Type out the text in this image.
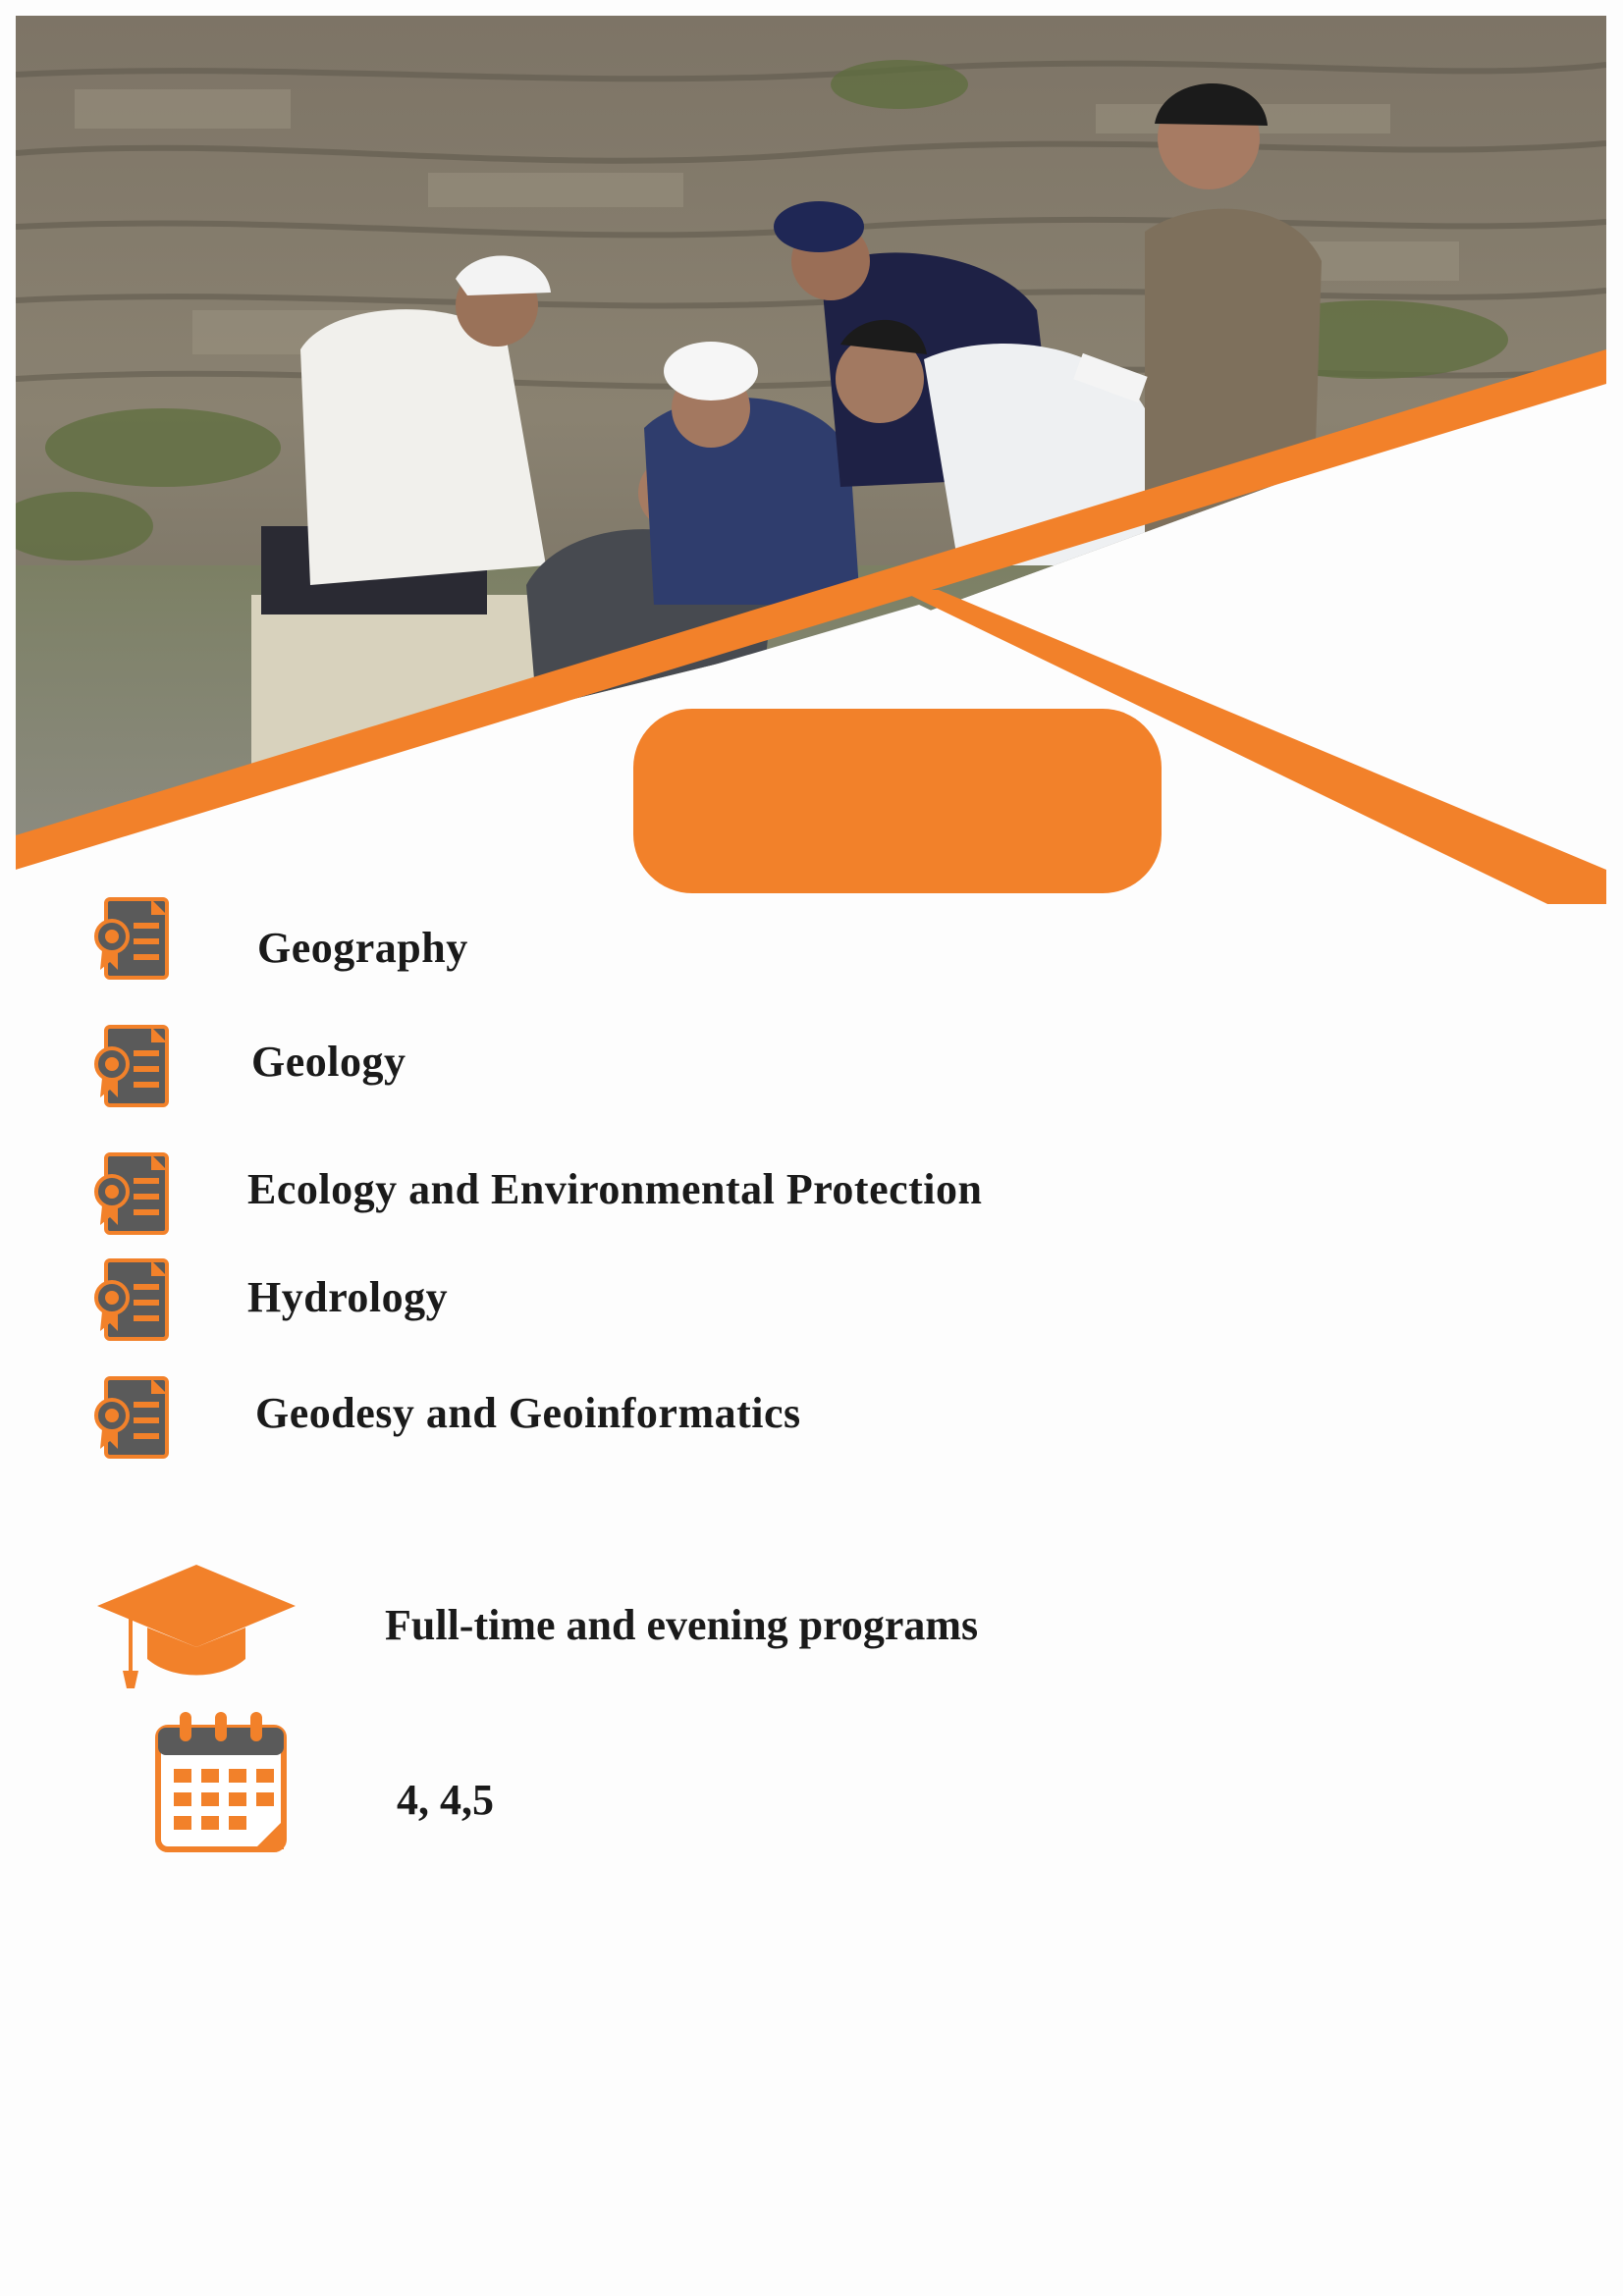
Geography
Geology
Ecology and Environmental Protection
Hydrology
Geodesy and Geoinformatics
Full-time and evening programs
4, 4,5
